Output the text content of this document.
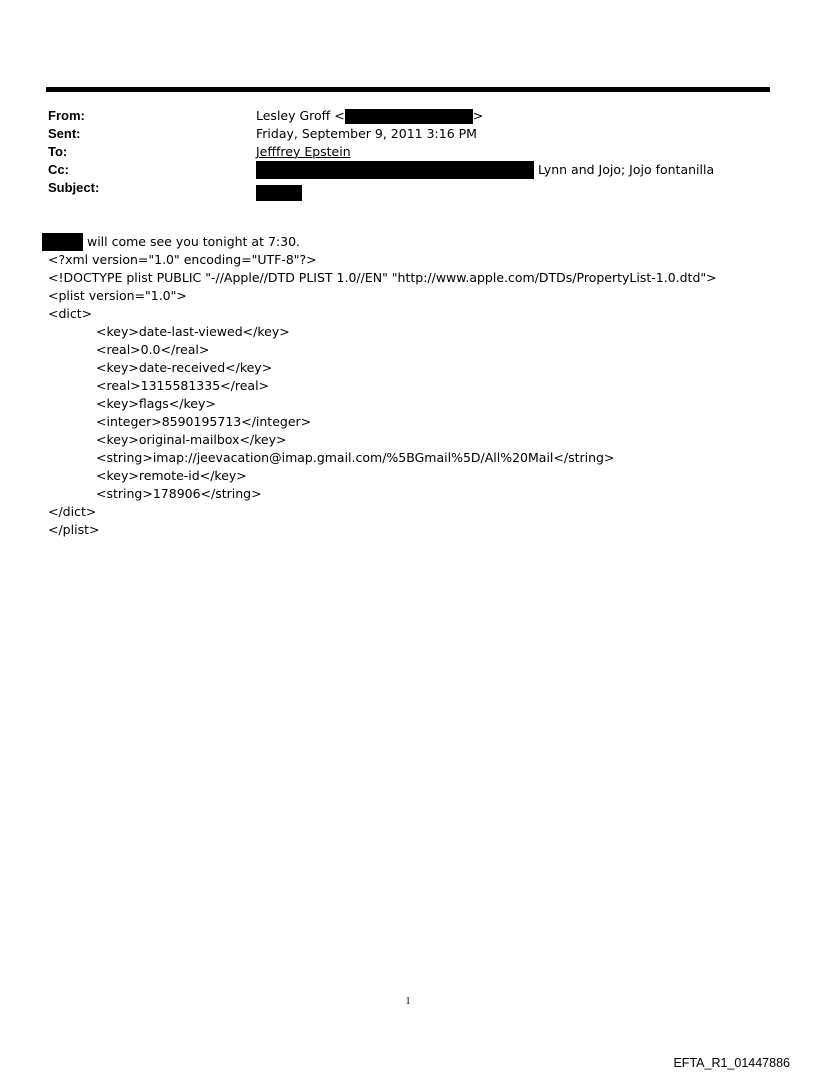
From:	Lesley Groff <	>
Sent:	Friday, September 9, 2011 3:16 PM
To:	Jefffrey Epstein
Cc:	Lynn and Jojo; Jojo fontanilla
Subject:
will come see you tonight at 7:30.
<?xml version="1.0" encoding="UTF-8"?>
<!DOCTYPE plist PUBLIC "-//Apple//DTD PLIST 1.0//EN" "http://www.apple.com/DTDs/PropertyList-1.0.dtd">
<plist version="1.0">
<dict>
<key>date-last-viewed</key>
<real>0.0</real>
<key>date-received</key>
<real>1315581335</real>
<key>flags</key>
<integer>8590195713</integer>
<key>original-mailbox</key>
<string>imap://jeevacation@imap.gmail.com/%5BGmail%5D/All%20Mail</string>
<key>remote-id</key>
<string>178906</string>
</dict>
</plist>
1
EFTA_R1_01447886
